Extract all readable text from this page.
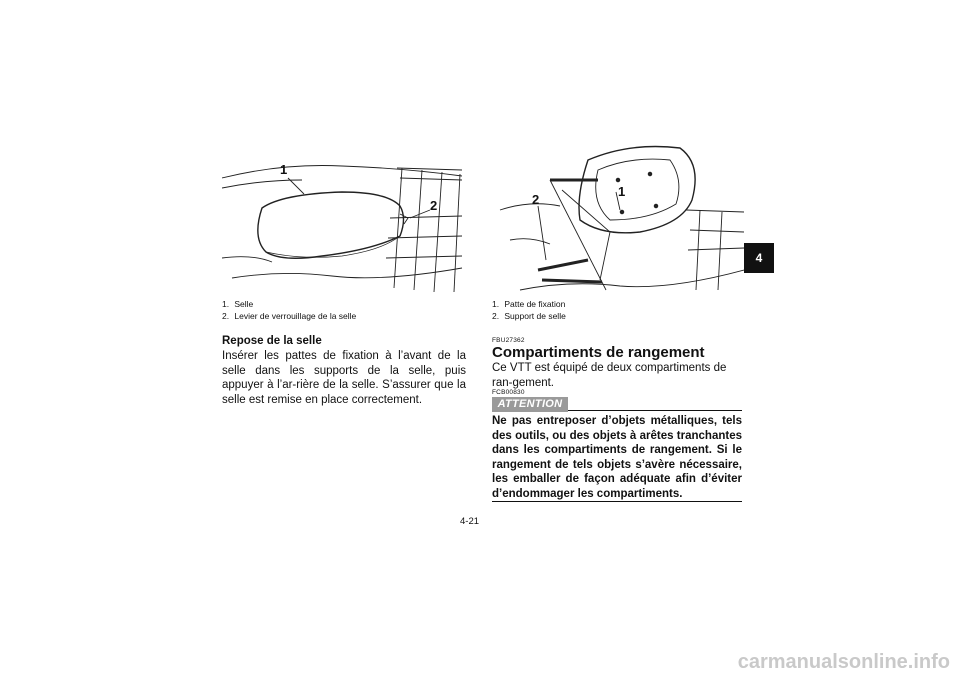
4
1
2
1. Selle
2. Levier de verrouillage de la selle
Repose de la selle
Insérer les pattes de fixation à l’avant de la selle dans les supports de la selle, puis appuyer à l’ar-rière de la selle. S’assurer que la selle est remise en place correctement.
1
2
1. Patte de fixation
2. Support de selle
FBU27362
Compartiments de rangement
Ce VTT est équipé de deux compartiments de ran-gement.
FCB00830
ATTENTION
Ne pas entreposer d’objets métalliques, tels des outils, ou des objets à arêtes tranchantes dans les compartiments de rangement. Si le rangement de tels objets s’avère nécessaire, les emballer de façon adéquate afin d’éviter d’endommager les compartiments.
4-21
carmanualsonline.info
